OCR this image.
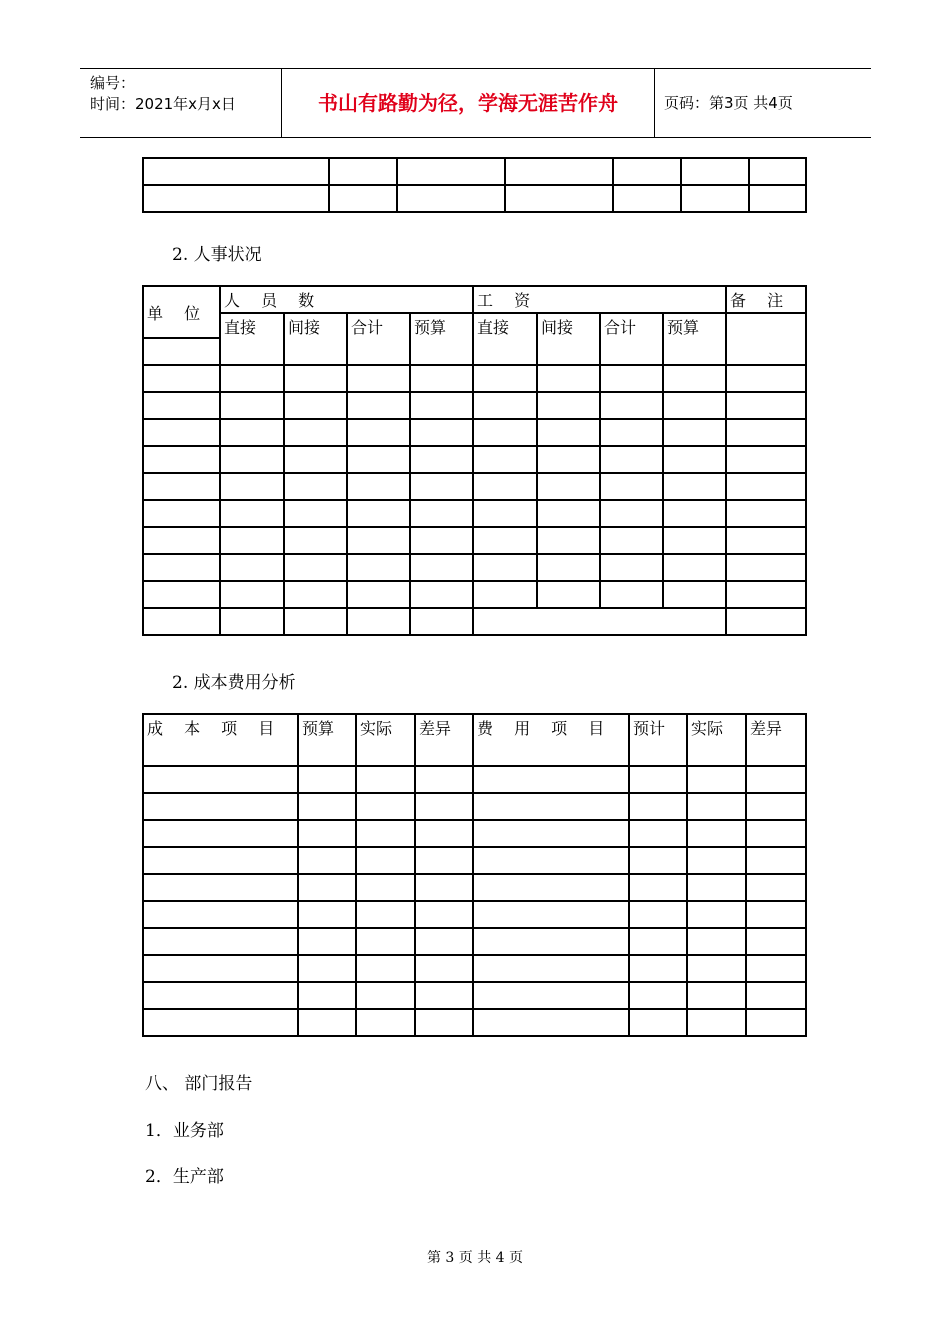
编号：
时间：2021年x月x日	书山有路勤为径，学海无涯苦作舟	页码：第3页 共4页

2. 人事状况
单 位	人 员 数				工 资				备 注
	直接	间接	合计	预算	直接	间接	合计	预算	

2. 成本费用分析
成 本 项 目	预算	实际	差异	费 用 项 目	预计	实际	差异

八、 部门报告
1．业务部
2．生产部
第 3 页 共 4 页
